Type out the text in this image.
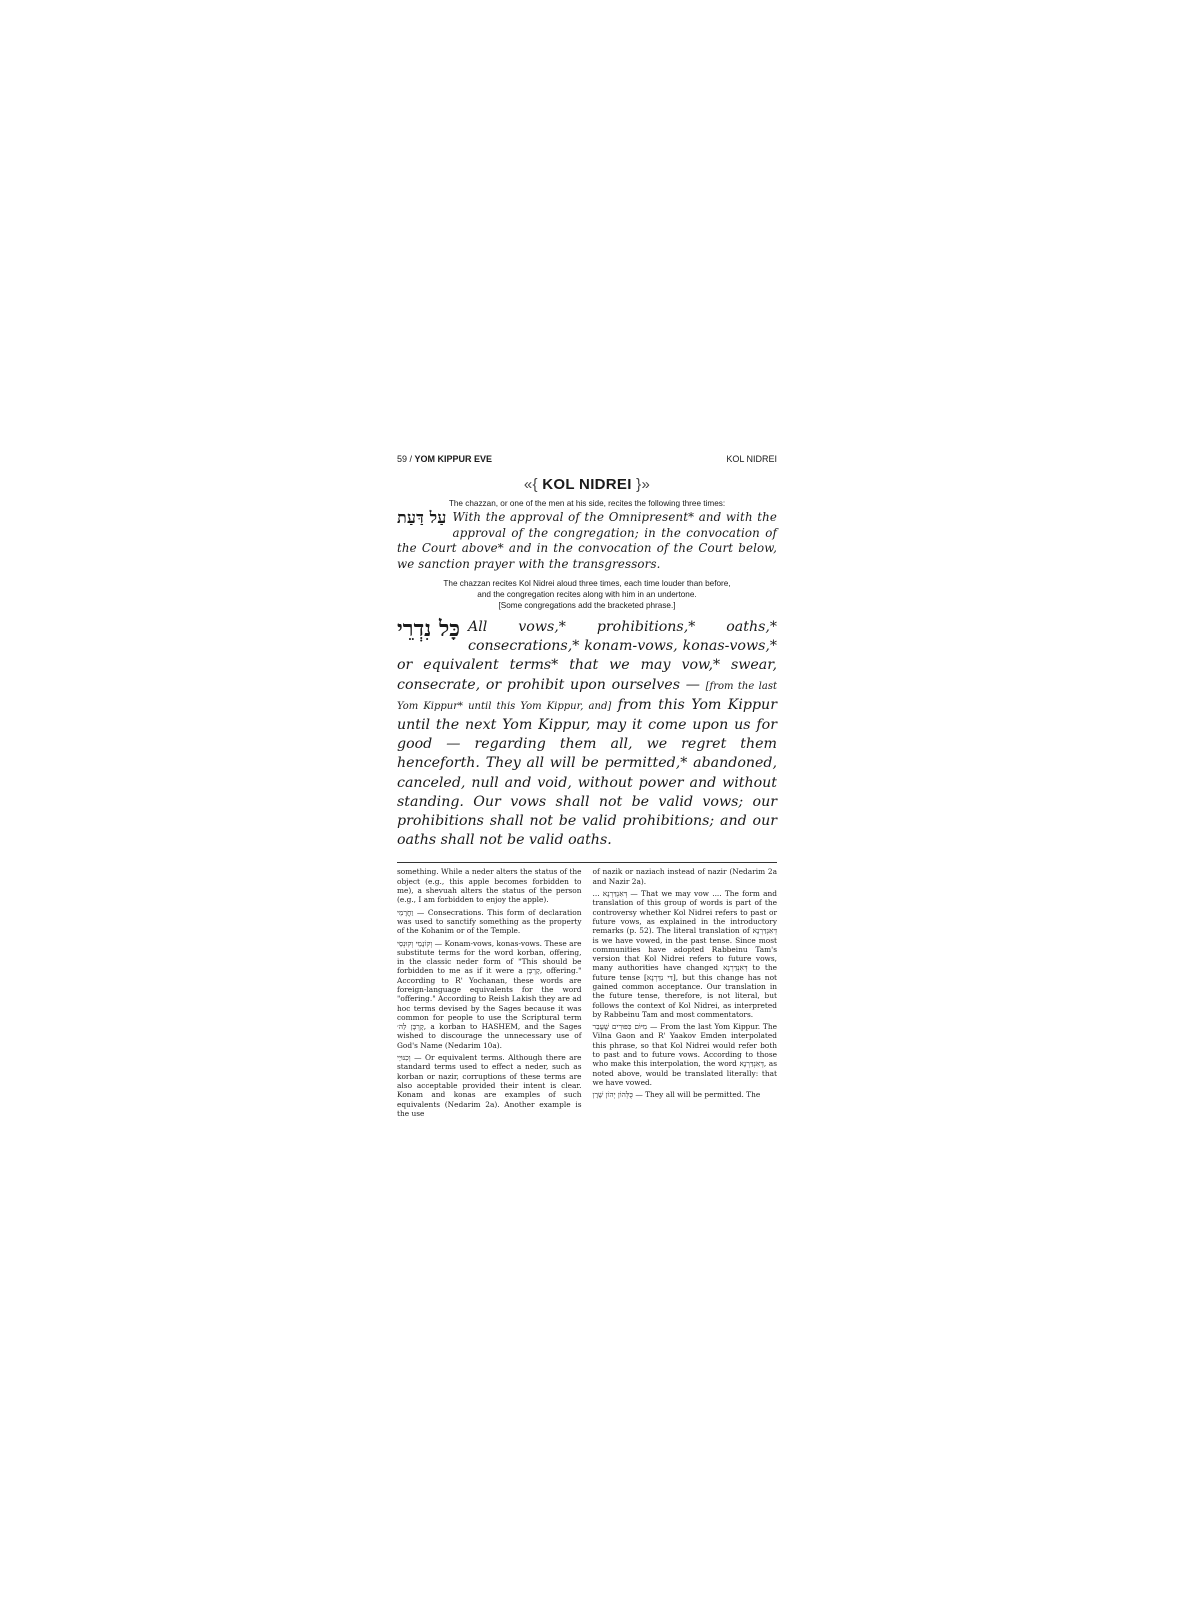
59 / YOM KIPPUR EVE	KOL NIDREI
«{ KOL NIDREI }»
The chazzan, or one of the men at his side, recites the following three times:
עַל דַּעַת With the approval of the Omnipresent* and with the approval of the congregation; in the convocation of the Court above* and in the convocation of the Court below, we sanction prayer with the transgressors.
The chazzan recites Kol Nidrei aloud three times, each time louder than before,
and the congregation recites along with him in an undertone.
[Some congregations add the bracketed phrase.]
כָּל נִדְרֵי All vows,* prohibitions,* oaths,* consecrations,* konam-vows, konas-vows,* or equivalent terms* that we may vow,* swear, consecrate, or prohibit upon ourselves — [from the last Yom Kippur* until this Yom Kippur, and] from this Yom Kippur until the next Yom Kippur, may it come upon us for good — regarding them all, we regret them henceforth. They all will be permitted,* abandoned, canceled, null and void, without power and without standing. Our vows shall not be valid vows; our prohibitions shall not be valid prohibitions; and our oaths shall not be valid oaths.

something. While a neder alters the status of the object (e.g., this apple becomes forbidden to me), a shevuah alters the status of the person (e.g., I am forbidden to enjoy the apple).

וַחֲרָמֵי — Consecrations. This form of declaration was used to sanctify something as the property of the Kohanim or of the Temple.

וְקוֹנָמֵי וְקוּנְסֵי — Konam-vows, konas-vows. These are substitute terms for the word korban, offering, in the classic neder form of "This should be forbidden to me as if it were a קָרְבָּן, offering." According to R' Yochanan, these words are foreign-language equivalents for the word "offering." According to Reish Lakish they are ad hoc terms devised by the Sages because it was common for people to use the Scriptural term קָרְבָּן לַה׳, a korban to HASHEM, and the Sages wished to discourage the unnecessary use of God's Name (Nedarim 10a).

וְכִנּוּיֵי — Or equivalent terms. Although there are standard terms used to effect a neder, such as korban or nazir, corruptions of these terms are also acceptable provided their intent is clear. Konam and konas are examples of such equivalents (Nedarim 2a). Another example is the use

of nazik or naziach instead of nazir (Nedarim 2a and Nazir 2a).

... דְּאִנְדַּרְנָא — That we may vow .... The form and translation of this group of words is part of the controversy whether Kol Nidrei refers to past or future vows, as explained in the introductory remarks (p. 52). The literal translation of דְּאִנְדַּרְנָא is we have vowed, in the past tense. Since most communities have adopted Rabbeinu Tam's version that Kol Nidrei refers to future vows, many authorities have changed דְּאִנְדַּרְנָא to the future tense [דִּי נִדַּרְנָא], but this change has not gained common acceptance. Our translation in the future tense, therefore, is not literal, but follows the context of Kol Nidrei, as interpreted by Rabbeinu Tam and most commentators.

מִיּוֹם כִּפּוּרִים שֶׁעָבַר — From the last Yom Kippur. The Vilna Gaon and R' Yaakov Emden interpolated this phrase, so that Kol Nidrei would refer both to past and to future vows. According to those who make this interpolation, the word דְּאִנְדַּרְנָא, as noted above, would be translated literally: that we have vowed.

כֻּלְּהוֹן יְהוֹן שָׁרָן — They all will be permitted. The
